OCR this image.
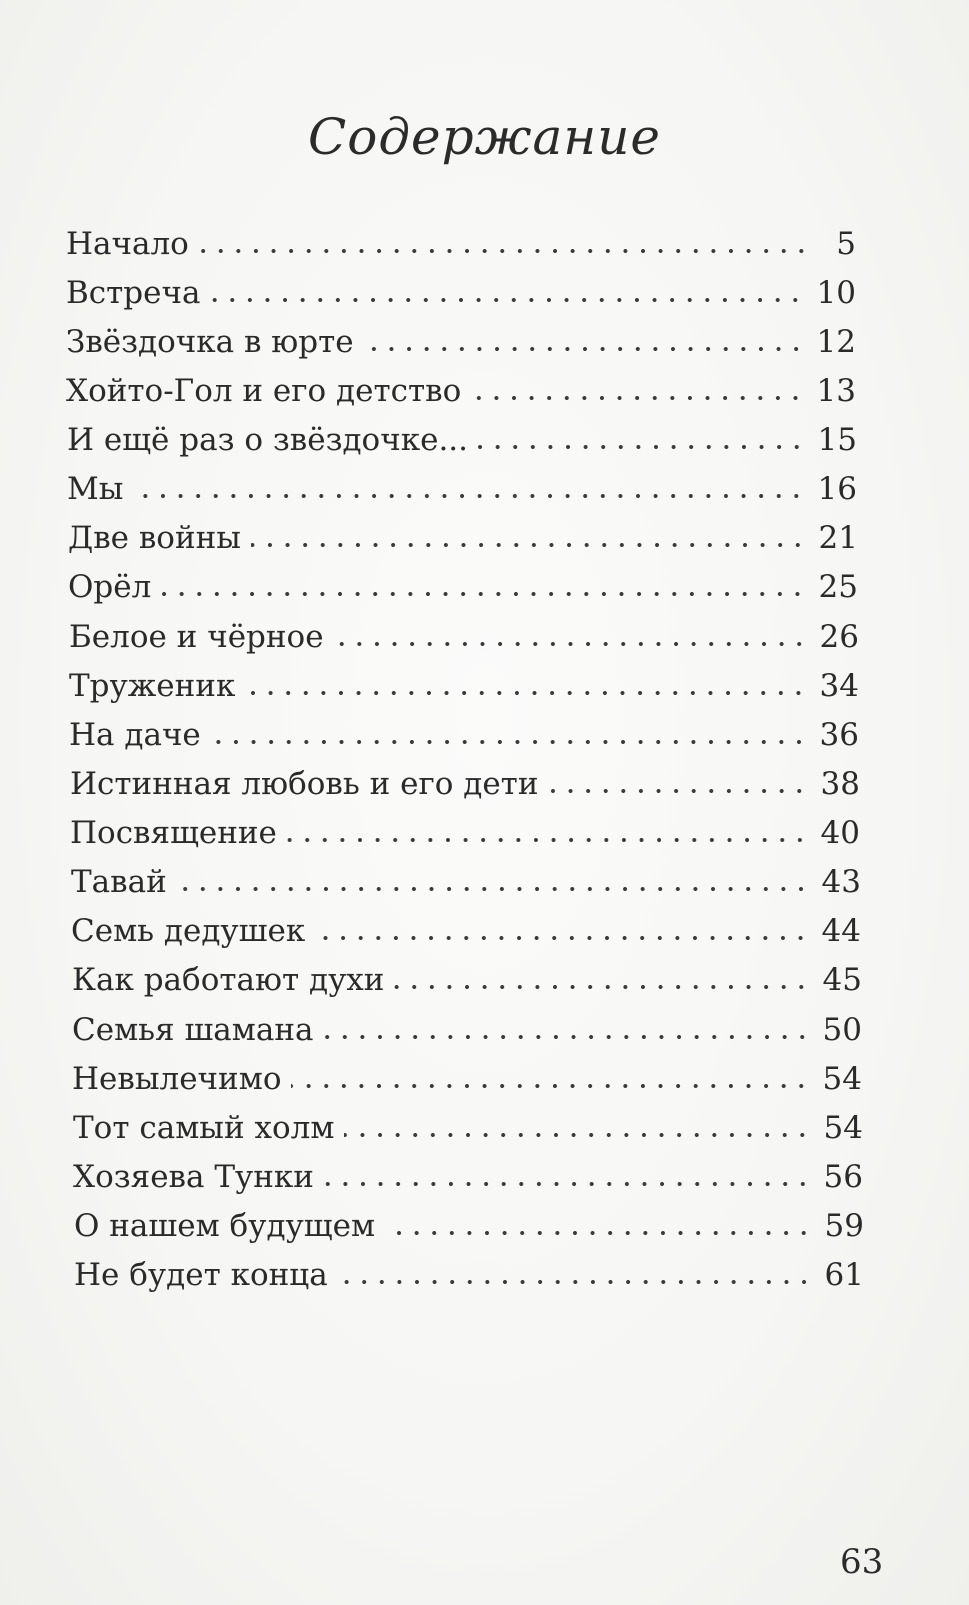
Содержание
Начало	5
Встреча	10
Звёздочка в юрте	12
Хойто-Гол и его детство	13
И ещё раз о звёздочке...	15
Мы	16
Две войны	21
Орёл	25
Белое и чёрное	26
Труженик	34
На даче	36
Истинная любовь и его дети	38
Посвящение	40
Тавай	43
Семь дедушек	44
Как работают духи	45
Семья шамана	50
Невылечимо	54
Тот самый холм	54
Хозяева Тунки	56
О нашем будущем	59
Не будет конца	61
63
